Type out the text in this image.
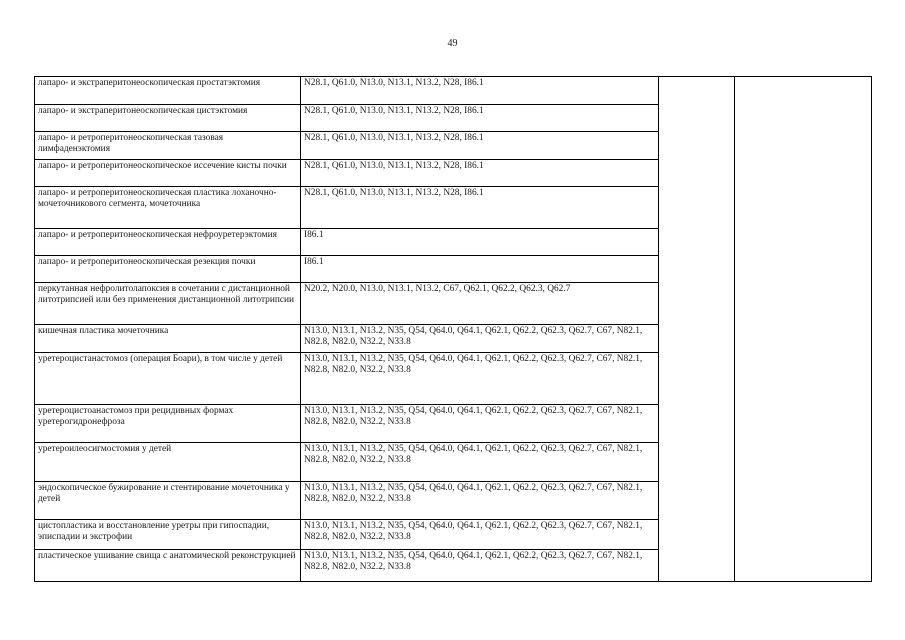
49
лапаро- и экстраперитонеоскопическая простатэктомия	N28.1, Q61.0, N13.0, N13.1, N13.2, N28, I86.1		
лапаро- и экстраперитонеоскопическая цистэктомия	N28.1, Q61.0, N13.0, N13.1, N13.2, N28, I86.1		
лапаро- и ретроперитонеоскопическая тазовая лимфаденэктомия	N28.1, Q61.0, N13.0, N13.1, N13.2, N28, I86.1		
лапаро- и ретроперитонеоскопическое иссечение кисты почки	N28.1, Q61.0, N13.0, N13.1, N13.2, N28, I86.1		
лапаро- и ретроперитонеоскопическая пластика лоханочно-мочеточникового сегмента, мочеточника	N28.1, Q61.0, N13.0, N13.1, N13.2, N28, I86.1		
лапаро- и ретроперитонеоскопическая нефроуретерэктомия	I86.1		
лапаро- и ретроперитонеоскопическая резекция почки	I86.1		
перкутанная нефролитолапоксия в сочетании с дистанционной литотрипсией или без применения дистанционной литотрипсии	N20.2, N20.0, N13.0, N13.1, N13.2, C67, Q62.1, Q62.2, Q62.3, Q62.7		
кишечная пластика мочеточника	N13.0, N13.1, N13.2, N35, Q54, Q64.0, Q64.1, Q62.1, Q62.2, Q62.3, Q62.7, C67, N82.1, N82.8, N82.0, N32.2, N33.8		
уретероцистанастомоз (операция Боари), в том числе у детей	N13.0, N13.1, N13.2, N35, Q54, Q64.0, Q64.1, Q62.1, Q62.2, Q62.3, Q62.7, C67, N82.1, N82.8, N82.0, N32.2, N33.8		
уретероцистоанастомоз при рецидивных формах уретерогидронефроза	N13.0, N13.1, N13.2, N35, Q54, Q64.0, Q64.1, Q62.1, Q62.2, Q62.3, Q62.7, C67, N82.1, N82.8, N82.0, N32.2, N33.8		
уретероилеосигмостомия у детей	N13.0, N13.1, N13.2, N35, Q54, Q64.0, Q64.1, Q62.1, Q62.2, Q62.3, Q62.7, C67, N82.1, N82.8, N82.0, N32.2, N33.8		
эндоскопическое бужирование и стентирование мочеточника у детей	N13.0, N13.1, N13.2, N35, Q54, Q64.0, Q64.1, Q62.1, Q62.2, Q62.3, Q62.7, C67, N82.1, N82.8, N82.0, N32.2, N33.8		
цистопластика и восстановление уретры при гипоспадии, эписпадии и экстрофии	N13.0, N13.1, N13.2, N35, Q54, Q64.0, Q64.1, Q62.1, Q62.2, Q62.3, Q62.7, C67, N82.1, N82.8, N82.0, N32.2, N33.8		
пластическое ушивание свища с анатомической реконструкцией	N13.0, N13.1, N13.2, N35, Q54, Q64.0, Q64.1, Q62.1, Q62.2, Q62.3, Q62.7, C67, N82.1, N82.8, N82.0, N32.2, N33.8		
